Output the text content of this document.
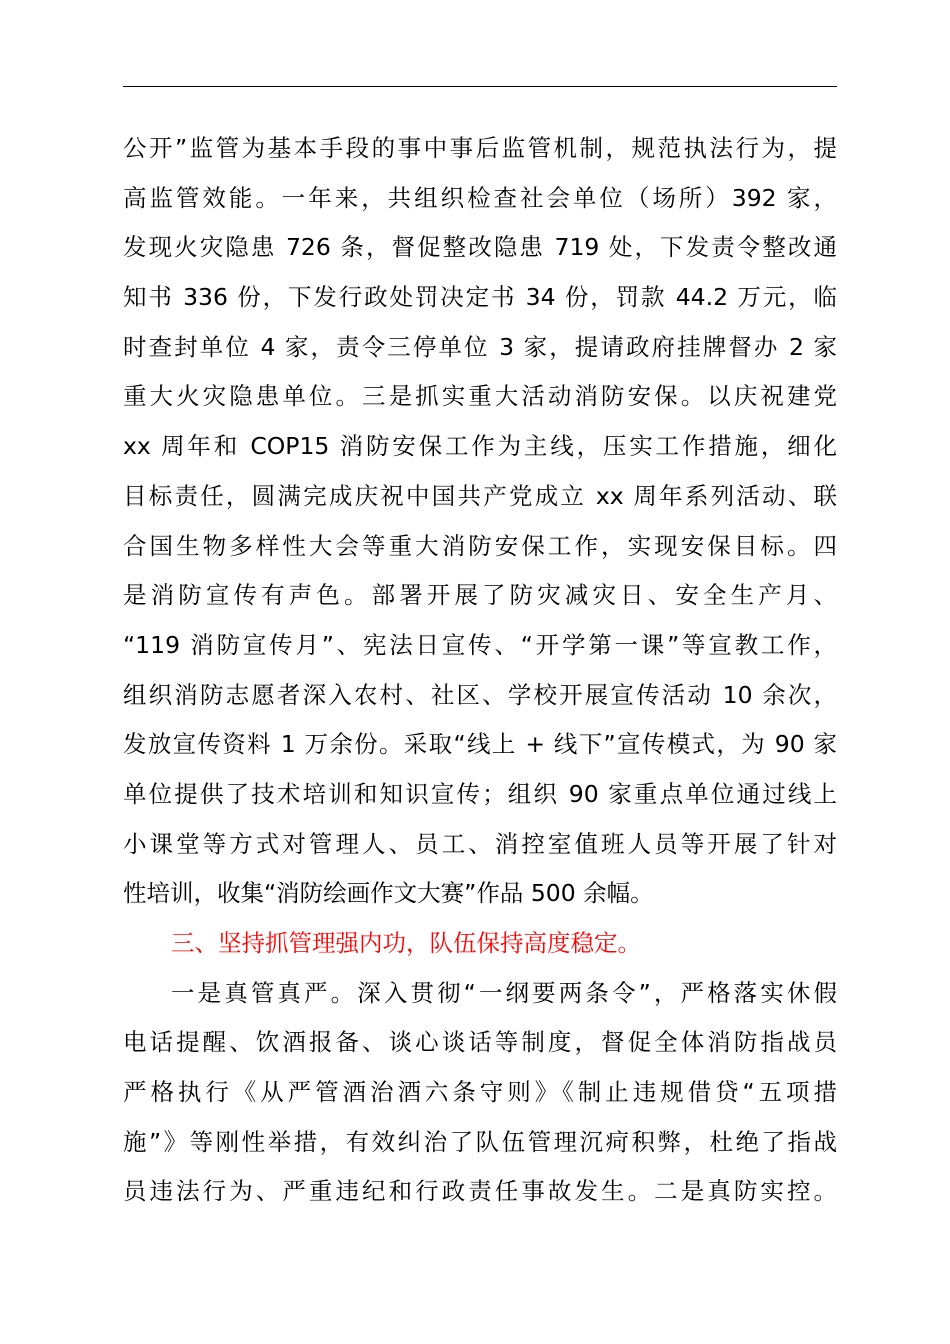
公开”监管为基本手段的事中事后监管机制，规范执法行为，提
高监管效能。一年来，共组织检查社会单位（场所）392 家，
发现火灾隐患 726 条，督促整改隐患 719 处，下发责令整改通
知书 336 份，下发行政处罚决定书 34 份，罚款 44.2 万元，临
时查封单位 4 家，责令三停单位 3 家，提请政府挂牌督办 2 家
重大火灾隐患单位。三是抓实重大活动消防安保。以庆祝建党
xx 周年和 COP15 消防安保工作为主线，压实工作措施，细化
目标责任，圆满完成庆祝中国共产党成立 xx 周年系列活动、联
合国生物多样性大会等重大消防安保工作，实现安保目标。四
是消防宣传有声色。部署开展了防灾减灾日、安全生产月、
“119 消防宣传月”、宪法日宣传、“开学第一课”等宣教工作，
组织消防志愿者深入农村、社区、学校开展宣传活动 10 余次，
发放宣传资料 1 万余份。采取“线上 + 线下”宣传模式，为 90 家
单位提供了技术培训和知识宣传；组织 90 家重点单位通过线上
小课堂等方式对管理人、员工、消控室值班人员等开展了针对
性培训，收集“消防绘画作文大赛”作品 500 余幅。
三、坚持抓管理强内功，队伍保持高度稳定。
一是真管真严。深入贯彻“一纲要两条令”，严格落实休假
电话提醒、饮酒报备、谈心谈话等制度，督促全体消防指战员
严格执行《从严管酒治酒六条守则》《制止违规借贷“五项措
施”》等刚性举措，有效纠治了队伍管理沉疴积弊，杜绝了指战
员违法行为、严重违纪和行政责任事故发生。二是真防实控。
